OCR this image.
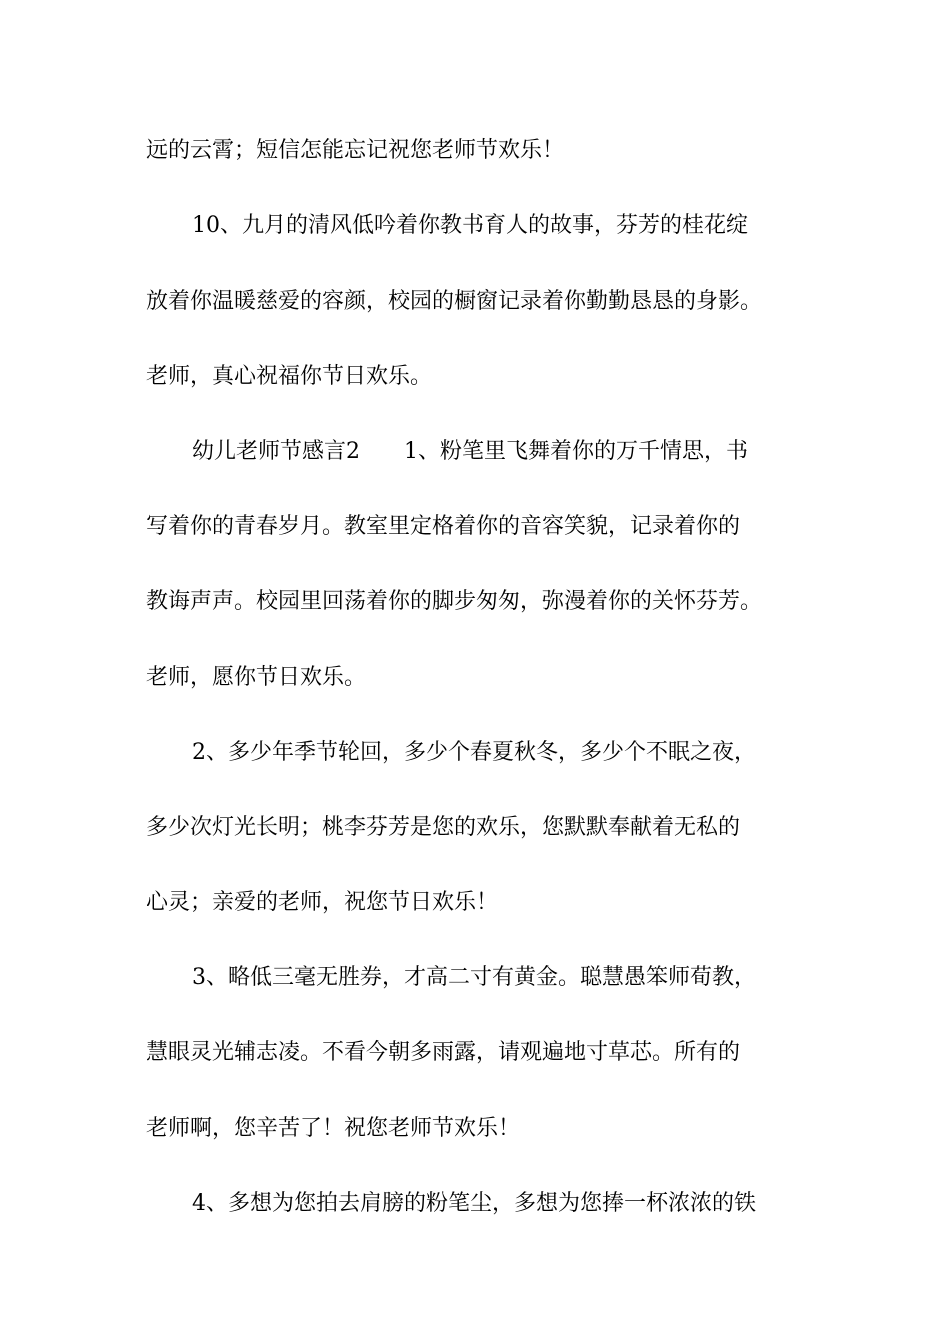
远的云霄；短信怎能忘记祝您老师节欢乐！
10、九月的清风低吟着你教书育人的故事，芬芳的桂花绽
放着你温暖慈爱的容颜，校园的橱窗记录着你勤勤恳恳的身影。
老师，真心祝福你节日欢乐。
幼儿老师节感言2　　1、粉笔里飞舞着你的万千情思，书
写着你的青春岁月。教室里定格着你的音容笑貌，记录着你的
教诲声声。校园里回荡着你的脚步匆匆，弥漫着你的关怀芬芳。
老师，愿你节日欢乐。
2、多少年季节轮回，多少个春夏秋冬，多少个不眠之夜，
多少次灯光长明；桃李芬芳是您的欢乐，您默默奉献着无私的
心灵；亲爱的老师，祝您节日欢乐！
3、略低三毫无胜券，才高二寸有黄金。聪慧愚笨师荀教，
慧眼灵光辅志凌。不看今朝多雨露，请观遍地寸草芯。所有的
老师啊，您辛苦了！祝您老师节欢乐！
4、多想为您拍去肩膀的粉笔尘，多想为您捧一杯浓浓的铁
